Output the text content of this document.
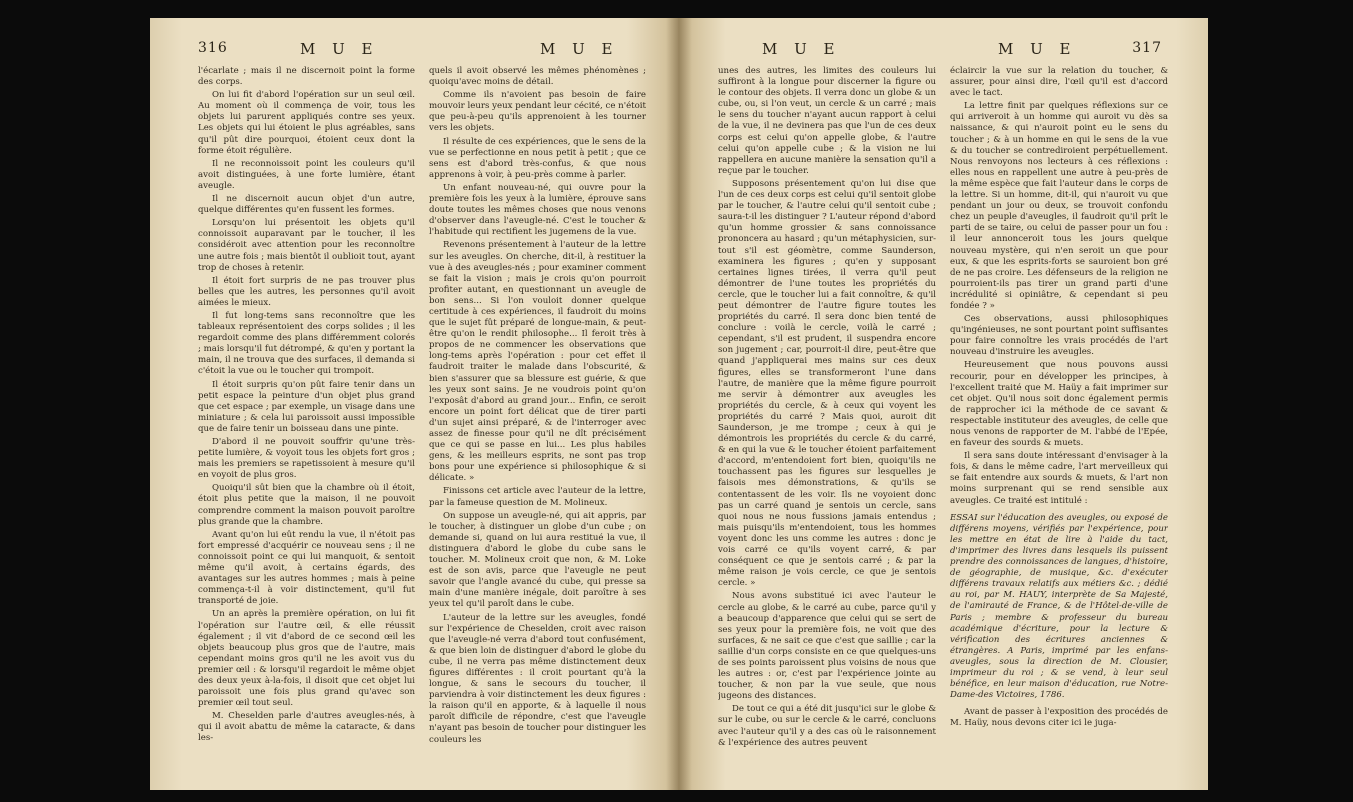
316	M U E	M U E

l'écarlate ; mais il ne discernoit point la forme des corps.

On lui fit d'abord l'opération sur un seul œil. Au moment où il commença de voir, tous les objets lui parurent appliqués contre ses yeux. Les objets qui lui étoient le plus agréables, sans qu'il pût dire pourquoi, étoient ceux dont la forme étoit régulière.

Il ne reconnoissoit point les couleurs qu'il avoit distinguées, à une forte lumière, étant aveugle.

Il ne discernoit aucun objet d'un autre, quelque différentes qu'en fussent les formes.

Lorsqu'on lui présentoit les objets qu'il connoissoit auparavant par le toucher, il les considéroit avec attention pour les reconnoître une autre fois ; mais bientôt il oublioit tout, ayant trop de choses à retenir.

Il étoit fort surpris de ne pas trouver plus belles que les autres, les personnes qu'il avoit aimées le mieux.

Il fut long-tems sans reconnoître que les tableaux représentoient des corps solides ; il les regardoit comme des plans différemment colorés ; mais lorsqu'il fut détrompé, & qu'en y portant la main, il ne trouva que des surfaces, il demanda si c'étoit la vue ou le toucher qui trompoit.

Il étoit surpris qu'on pût faire tenir dans un petit espace la peinture d'un objet plus grand que cet espace ; par exemple, un visage dans une miniature ; & cela lui paroissoit aussi impossible que de faire tenir un boisseau dans une pinte.

D'abord il ne pouvoit souffrir qu'une très-petite lumière, & voyoit tous les objets fort gros ; mais les premiers se rapetissoient à mesure qu'il en voyoit de plus gros.

Quoiqu'il sût bien que la chambre où il étoit, étoit plus petite que la maison, il ne pouvoit comprendre comment la maison pouvoit paroître plus grande que la chambre.

Avant qu'on lui eût rendu la vue, il n'étoit pas fort empressé d'acquérir ce nouveau sens ; il ne connoissoit point ce qui lui manquoit, & sentoit même qu'il avoit, à certains égards, des avantages sur les autres hommes ; mais à peine commença-t-il à voir distinctement, qu'il fut transporté de joie.

Un an après la première opération, on lui fit l'opération sur l'autre œil, & elle réussit également ; il vit d'abord de ce second œil les objets beaucoup plus gros que de l'autre, mais cependant moins gros qu'il ne les avoit vus du premier œil : & lorsqu'il regardoit le même objet des deux yeux à-la-fois, il disoit que cet objet lui paroissoit une fois plus grand qu'avec son premier œil tout seul.

M. Cheselden parle d'autres aveugles-nés, à qui il avoit abattu de même la cataracte, & dans les-

quels il avoit observé les mêmes phénomènes ; quoiqu'avec moins de détail.

Comme ils n'avoient pas besoin de faire mouvoir leurs yeux pendant leur cécité, ce n'étoit que peu-à-peu qu'ils apprenoient à les tourner vers les objets.

Il résulte de ces expériences, que le sens de la vue se perfectionne en nous petit à petit ; que ce sens est d'abord très-confus, & que nous apprenons à voir, à peu-près comme à parler.

Un enfant nouveau-né, qui ouvre pour la première fois les yeux à la lumière, éprouve sans doute toutes les mêmes choses que nous venons d'observer dans l'aveugle-né. C'est le toucher & l'habitude qui rectifient les jugemens de la vue.

Revenons présentement à l'auteur de la lettre sur les aveugles. On cherche, dit-il, à restituer la vue à des aveugles-nés ; pour examiner comment se fait la vision ; mais je crois qu'on pourroit profiter autant, en questionnant un aveugle de bon sens... Si l'on vouloit donner quelque certitude à ces expériences, il faudroit du moins que le sujet fût préparé de longue-main, & peut-être qu'on le rendit philosophe... Il feroit très à propos de ne commencer les observations que long-tems après l'opération : pour cet effet il faudroit traiter le malade dans l'obscurité, & bien s'assurer que sa blessure est guérie, & que les yeux sont sains. Je ne voudrois point qu'on l'exposât d'abord au grand jour... Enfin, ce seroit encore un point fort délicat que de tirer parti d'un sujet ainsi préparé, & de l'interroger avec assez de finesse pour qu'il ne dît précisément que ce qui se passe en lui... Les plus habiles gens, & les meilleurs esprits, ne sont pas trop bons pour une expérience si philosophique & si délicate. »

Finissons cet article avec l'auteur de la lettre, par la fameuse question de M. Molineux.

On suppose un aveugle-né, qui ait appris, par le toucher, à distinguer un globe d'un cube ; on demande si, quand on lui aura restitué la vue, il distinguera d'abord le globe du cube sans le toucher. M. Molineux croit que non, & M. Loke est de son avis, parce que l'aveugle ne peut savoir que l'angle avancé du cube, qui presse sa main d'une manière inégale, doit paroître à ses yeux tel qu'il paroît dans le cube.

L'auteur de la lettre sur les aveugles, fondé sur l'expérience de Cheselden, croit avec raison que l'aveugle-né verra d'abord tout confusément, & que bien loin de distinguer d'abord le globe du cube, il ne verra pas même distinctement deux figures différentes : il croit pourtant qu'à la longue, & sans le secours du toucher, il parviendra à voir distinctement les deux figures : la raison qu'il en apporte, & à laquelle il nous paroît difficile de répondre, c'est que l'aveugle n'ayant pas besoin de toucher pour distinguer les couleurs les

M U E	M U E	317

unes des autres, les limites des couleurs lui suffiront à la longue pour discerner la figure ou le contour des objets. Il verra donc un globe & un cube, ou, si l'on veut, un cercle & un carré ; mais le sens du toucher n'ayant aucun rapport à celui de la vue, il ne devinera pas que l'un de ces deux corps est celui qu'on appelle globe, & l'autre celui qu'on appelle cube ; & la vision ne lui rappellera en aucune manière la sensation qu'il a reçue par le toucher.

Supposons présentement qu'on lui dise que l'un de ces deux corps est celui qu'il sentoit globe par le toucher, & l'autre celui qu'il sentoit cube ; saura-t-il les distinguer ? L'auteur répond d'abord qu'un homme grossier & sans connoissance prononcera au hasard ; qu'un métaphysicien, sur-tout s'il est géomètre, comme Saunderson, examinera les figures ; qu'en y supposant certaines lignes tirées, il verra qu'il peut démontrer de l'une toutes les propriétés du cercle, que le toucher lui a fait connoître, & qu'il peut démontrer de l'autre figure toutes les propriétés du carré. Il sera donc bien tenté de conclure : voilà le cercle, voilà le carré ; cependant, s'il est prudent, il suspendra encore son jugement ; car, pourroit-il dire, peut-être que quand j'appliquerai mes mains sur ces deux figures, elles se transformeront l'une dans l'autre, de manière que la même figure pourroit me servir à démontrer aux aveugles les propriétés du cercle, & à ceux qui voyent les propriétés du carré ? Mais quoi, auroit dit Saunderson, je me trompe ; ceux à qui je démontrois les propriétés du cercle & du carré, & en qui la vue & le toucher étoient parfaitement d'accord, m'entendoient fort bien, quoiqu'ils ne touchassent pas les figures sur lesquelles je faisois mes démonstrations, & qu'ils se contentassent de les voir. Ils ne voyoient donc pas un carré quand je sentois un cercle, sans quoi nous ne nous fussions jamais entendus ; mais puisqu'ils m'entendoient, tous les hommes voyent donc les uns comme les autres : donc je vois carré ce qu'ils voyent carré, & par conséquent ce que je sentois carré ; & par la même raison je vois cercle, ce que je sentois cercle. »

Nous avons substitué ici avec l'auteur le cercle au globe, & le carré au cube, parce qu'il y a beaucoup d'apparence que celui qui se sert de ses yeux pour la première fois, ne voit que des surfaces, & ne sait ce que c'est que saillie ; car la saillie d'un corps consiste en ce que quelques-uns de ses points paroissent plus voisins de nous que les autres : or, c'est par l'expérience jointe au toucher, & non par la vue seule, que nous jugeons des distances.

De tout ce qui a été dit jusqu'ici sur le globe & sur le cube, ou sur le cercle & le carré, concluons avec l'auteur qu'il y a des cas où le raisonnement & l'expérience des autres peuvent

éclaircir la vue sur la relation du toucher, & assurer, pour ainsi dire, l'œil qu'il est d'accord avec le tact.

La lettre finit par quelques réflexions sur ce qui arriveroit à un homme qui auroit vu dès sa naissance, & qui n'auroit point eu le sens du toucher ; & à un homme en qui le sens de la vue & du toucher se contrediroient perpétuellement. Nous renvoyons nos lecteurs à ces réflexions : elles nous en rappellent une autre à peu-près de la même espèce que fait l'auteur dans le corps de la lettre. Si un homme, dit-il, qui n'auroit vu que pendant un jour ou deux, se trouvoit confondu chez un peuple d'aveugles, il faudroit qu'il prît le parti de se taire, ou celui de passer pour un fou : il leur annonceroit tous les jours quelque nouveau mystère, qui n'en seroit un que pour eux, & que les esprits-forts se sauroient bon gré de ne pas croire. Les défenseurs de la religion ne pourroient-ils pas tirer un grand parti d'une incrédulité si opiniâtre, & cependant si peu fondée ? »

Ces observations, aussi philosophiques qu'ingénieuses, ne sont pourtant point suffisantes pour faire connoître les vrais procédés de l'art nouveau d'instruire les aveugles.

Heureusement que nous pouvons aussi recourir, pour en développer les principes, à l'excellent traité que M. Haüy a fait imprimer sur cet objet. Qu'il nous soit donc également permis de rapprocher ici la méthode de ce savant & respectable instituteur des aveugles, de celle que nous venons de rapporter de M. l'abbé de l'Epée, en faveur des sourds & muets.

Il sera sans doute intéressant d'envisager à la fois, & dans le même cadre, l'art merveilleux qui se fait entendre aux sourds & muets, & l'art non moins surprenant qui se rend sensible aux aveugles. Ce traité est intitulé :

ESSAI sur l'éducation des aveugles, ou exposé de différens moyens, vérifiés par l'expérience, pour les mettre en état de lire à l'aide du tact, d'imprimer des livres dans lesquels ils puissent prendre des connoissances de langues, d'histoire, de géographie, de musique, &c. d'exécuter différens travaux relatifs aux métiers &c. ; dédié au roi, par M. HAUY, interprète de Sa Majesté, de l'amirauté de France, & de l'Hôtel-de-ville de Paris ; membre & professeur du bureau académique d'écriture, pour la lecture & vérification des écritures anciennes & étrangères. A Paris, imprimé par les enfans-aveugles, sous la direction de M. Clousier, imprimeur du roi ; & se vend, à leur seul bénéfice, en leur maison d'éducation, rue Notre-Dame-des Victoires, 1786.

Avant de passer à l'exposition des procédés de M. Haüy, nous devons citer ici le juga-
